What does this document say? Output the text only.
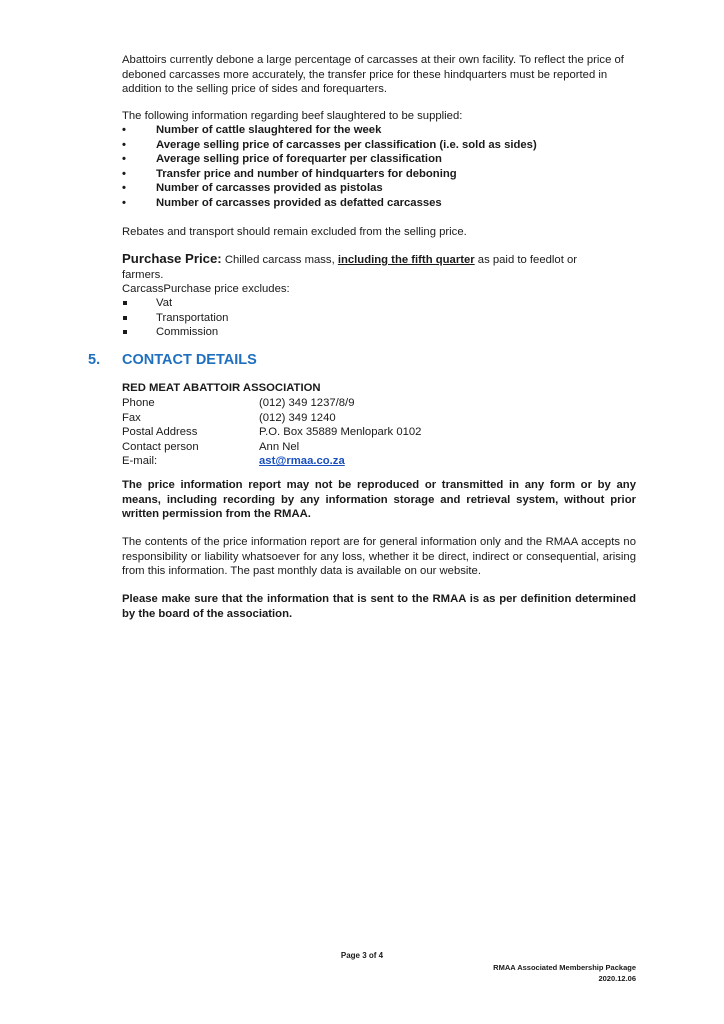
Abattoirs currently debone a large percentage of carcasses at their own facility. To reflect the price of deboned carcasses more accurately, the transfer price for these hindquarters must be reported in addition to the selling price of sides and forequarters.
The following information regarding beef slaughtered to be supplied:
•	Number of cattle slaughtered for the week
•	Average selling price of carcasses per classification (i.e. sold as sides)
•	Average selling price of forequarter per classification
•	Transfer price and number of hindquarters for deboning
•	Number of carcasses provided as pistolas
•	Number of carcasses provided as defatted carcasses
Rebates and transport should remain excluded from the selling price.
Purchase Price: Chilled carcass mass, including the fifth quarter as paid to feedlot or
farmers.
CarcassPurchase price excludes:
Vat
Transportation
Commission
5. CONTACT DETAILS
RED MEAT ABATTOIR ASSOCIATION
Phone	(012) 349 1237/8/9
Fax	(012) 349 1240
Postal Address	P.O. Box 35889 Menlopark 0102
Contact person	Ann Nel
E-mail:	ast@rmaa.co.za
The price information report may not be reproduced or transmitted in any form or by any means, including recording by any information storage and retrieval system, without prior written permission from the RMAA.
The contents of the price information report are for general information only and the RMAA accepts no responsibility or liability whatsoever for any loss, whether it be direct, indirect or consequential, arising from this information. The past monthly data is available on our website.
Please make sure that the information that is sent to the RMAA is as per definition determined by the board of the association.
Page 3 of 4
RMAA Associated Membership Package
2020.12.06
